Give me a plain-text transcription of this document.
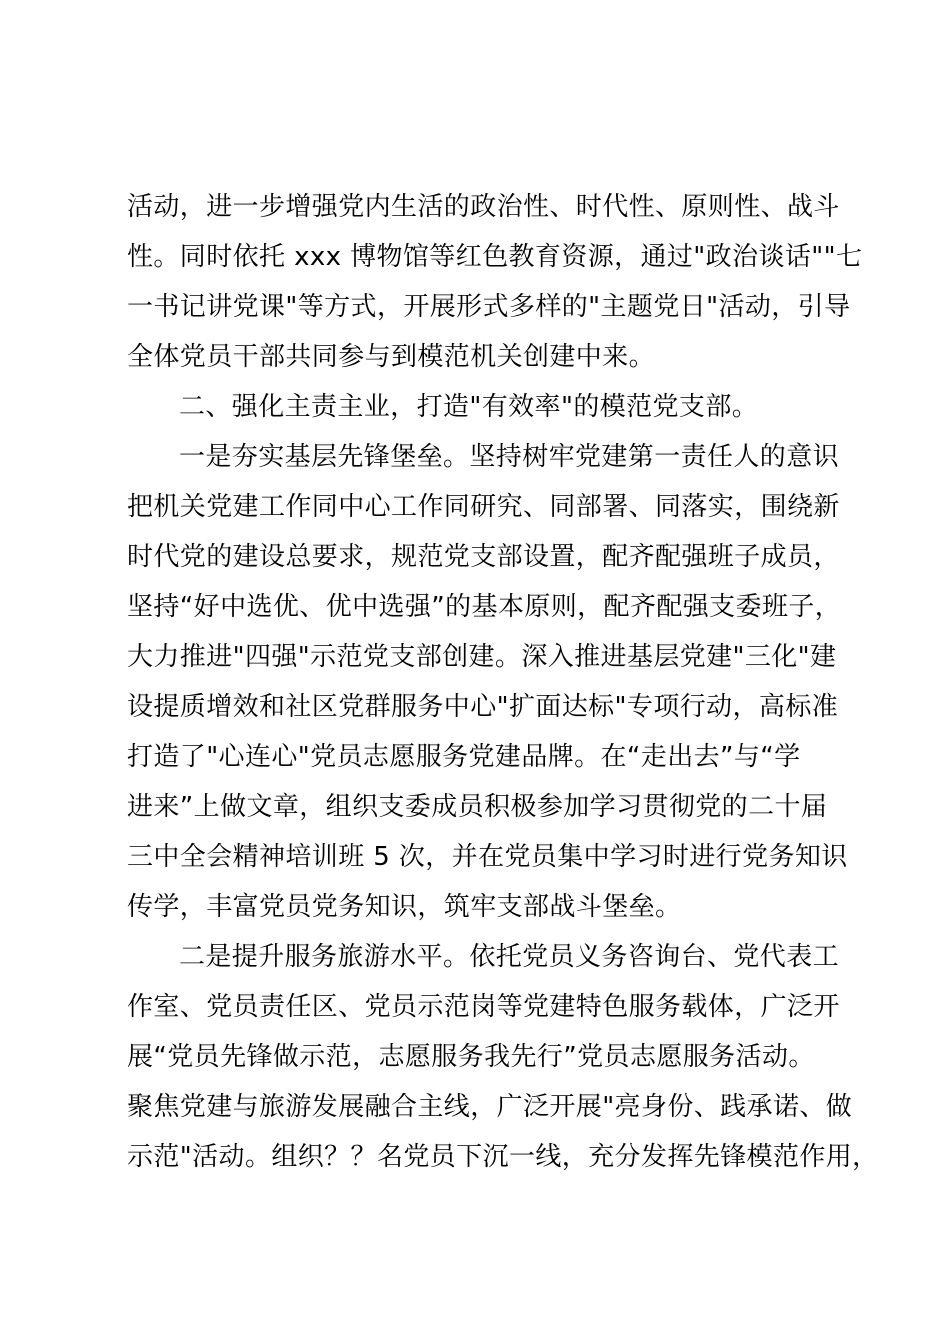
活动，进一步增强党内生活的政治性、时代性、原则性、战斗
性。同时依托 xxx 博物馆等红色教育资源，通过"政治谈话""七
一书记讲党课"等方式，开展形式多样的"主题党日"活动，引导
全体党员干部共同参与到模范机关创建中来。
二、强化主责主业，打造"有效率"的模范党支部。
一是夯实基层先锋堡垒。坚持树牢党建第一责任人的意识
把机关党建工作同中心工作同研究、同部署、同落实，围绕新
时代党的建设总要求，规范党支部设置，配齐配强班子成员，
坚持“好中选优、优中选强”的基本原则，配齐配强支委班子，
大力推进"四强"示范党支部创建。深入推进基层党建"三化"建
设提质增效和社区党群服务中心"扩面达标"专项行动，高标准
打造了"心连心"党员志愿服务党建品牌。在“走出去”与“学
进来”上做文章，组织支委成员积极参加学习贯彻党的二十届
三中全会精神培训班 5 次，并在党员集中学习时进行党务知识
传学，丰富党员党务知识，筑牢支部战斗堡垒。
二是提升服务旅游水平。依托党员义务咨询台、党代表工
作室、党员责任区、党员示范岗等党建特色服务载体，广泛开
展“党员先锋做示范，志愿服务我先行”党员志愿服务活动。
聚焦党建与旅游发展融合主线，广泛开展"亮身份、践承诺、做
示范"活动。组织？？名党员下沉一线，充分发挥先锋模范作用，
